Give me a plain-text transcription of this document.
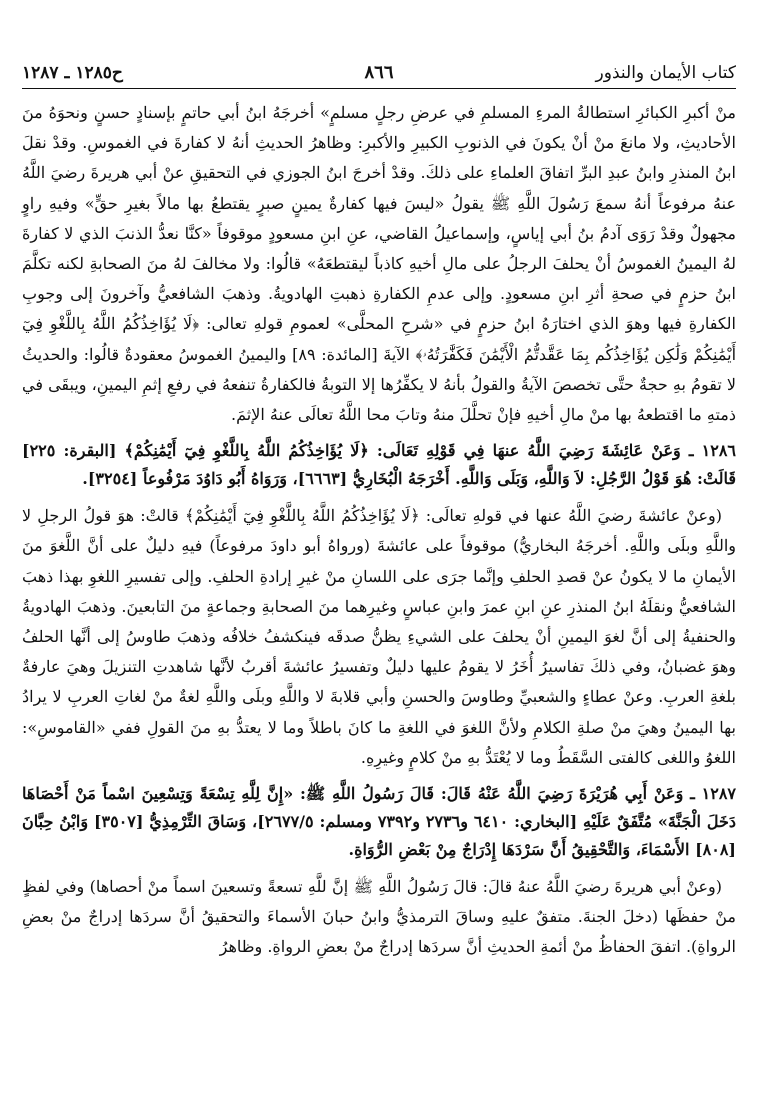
كتاب الأيمان والنذور
٨٦٦
ح١٢٨٥ ـ ١٢٨٧

منْ أكبرِ الكبائرِ استطالةُ المرءِ المسلمِ في عرضِ رجلٍ مسلمٍ» أخرجَهُ ابنُ أبي حاتمٍ بإسنادٍ حسنٍ ونحوَهُ منَ الأحاديثِ، ولا مانعَ منْ أنْ يكونَ في الذنوبِ الكبيرِ والأكبرِ: وظاهرُ الحديثِ أنهُ لا كفارةَ في الغموسِ. وقدْ نقلَ ابنُ المنذرِ وابنُ عبدِ البرِّ اتفاقَ العلماءِ على ذلكَ. وقدْ أخرجَ ابنُ الجوزي في التحقيقِ عنْ أبي هريرةَ رضيَ اللَّهُ عنهُ مرفوعاً أنهُ سمعَ رَسُولَ اللَّهِ ﷺ يقولُ «ليسَ فيها كفارةٌ يمينٍ صبرٍ يقتطعُ بها مالاً بغيرِ حقٍّ» وفيهِ راوٍ مجهولٌ وقدْ رَوَى آدمُ بنُ أبي إياسٍ، وإسماعيلُ القاضي، عنِ ابنِ مسعودٍ موقوفاً «كنَّا نعدُّ الذنبَ الذي لا كفارةَ لهُ اليمينُ الغموسُ أنْ يحلفَ الرجلُ على مالِ أخيهِ كاذباً ليقتطعَهُ» قالُوا: ولا مخالفَ لهُ منَ الصحابةِ لكنه تكلَّمَ ابنُ حزمٍ في صحةِ أثرِ ابنِ مسعودٍ. وإلى عدمِ الكفارةِ ذهبتِ الهادويةُ. وذهبَ الشافعيُّ وآخرونَ إلى وجوبِ الكفارةِ فيها وهوَ الذي اختارَهُ ابنُ حزمٍ في «شرحِ المحلَّى» لعمومِ قولهِ تعالى: ﴿لَا يُؤَاخِذُكُمُ اللَّهُ بِاللَّغْوِ فِيٓ أَيْمَٰنِكُمْ وَلَٰكِن يُؤَاخِذُكُم بِمَا عَقَّدتُّمُ الْأَيْمَٰنَ فَكَفَّٰرَتُهُۥ﴾ الآيةَ [المائدة: ٨٩] واليمينُ الغموسُ معقودةٌ قالُوا: والحديثُ لا تقومُ بهِ حجةٌ حتَّى تخصصَ الآيةُ والقولُ بأنهُ لا يكفِّرُها إلا التوبةُ فالكفارةُ تنفعهُ في رفعِ إثمِ اليمينِ، ويبقَى في ذمتهِ ما اقتطعهُ بها منْ مالِ أخيهِ فإنْ تحلَّلَ منهُ وتابَ محا اللَّهُ تعالَى عنهُ الإثمَ.

١٢٨٦ ـ وَعَنْ عَائِشَةَ رَضِيَ اللَّهُ عنهَا فِي قَوْلِهِ تَعَالَى: ﴿لَا يُؤَاخِذُكُمُ اللَّهُ بِاللَّغْوِ فِيٓ أَيْمَٰنِكُمْ﴾ [البقرة: ٢٢٥] قَالَتْ: هُوَ قَوْلُ الرَّجُلِ: لاَ وَاللَّهِ، وَبَلَى وَاللَّهِ. أَخْرَجَهُ الْبُخَارِيُّ [٦٦٦٣]، وَرَوَاهُ أَبُو دَاوُدَ مَرْفُوعاً [٣٢٥٤].

(وعنْ عائشةَ رضيَ اللَّهُ عنها في قولهِ تعالَى: ﴿لَا يُؤَاخِذُكُمُ اللَّهُ بِاللَّغْوِ فِيٓ أَيْمَٰنِكُمْ﴾ قالتْ: هوَ قولُ الرجلِ لا واللَّهِ وبلَى واللَّهِ. أخرجَهُ البخاريُّ) موقوفاً على عائشةَ (ورواهُ أبو داودَ مرفوعاً) فيهِ دليلٌ على أنَّ اللَّغوَ منَ الأيمانِ ما لا يكونُ عنْ قصدِ الحلفِ وإنَّما جرَى على اللسانِ منْ غيرِ إرادةِ الحلفِ. وإلى تفسيرِ اللغوِ بهذا ذهبَ الشافعيُّ ونقلَهُ ابنُ المنذرِ عنِ ابنِ عمرَ وابنِ عباسٍ وغيرِهما منَ الصحابةِ وجماعةٍ منَ التابعينَ. وذهبَ الهادويةُ والحنفيةُ إلى أنَّ لغوَ اليمينِ أنْ يحلفَ على الشيءِ يظنُّ صدقَه فينكشفُ خلافُه وذهبَ طاوسُ إلى أنَّها الحلفُ وهوَ غضبانُ، وفي ذلكَ تفاسيرُ أُخَرُ لا يقومُ عليها دليلٌ وتفسيرُ عائشةَ أقربُ لأنَّها شاهدتِ التنزيلَ وهيَ عارفةٌ بلغةِ العربِ. وعنْ عطاءٍ والشعبيِّ وطاوسَ والحسنِ وأبي قلابةَ لا واللَّهِ وبلَى واللَّهِ لغةٌ منْ لغاتِ العربِ لا يرادُ بها اليمينُ وهيَ منْ صلةِ الكلامِ ولأنَّ اللغوَ في اللغةِ ما كانَ باطلاً وما لا يعتدُّ بهِ منَ القولِ ففي «القاموسِ»: اللغوُ واللغى كالفتى السَّقَطُ وما لا يُعْتَدُّ بهِ منْ كلامٍ وغيرِهِ.

١٢٨٧ ـ وَعَنْ أَبِي هُرَيْرَةَ رَضِيَ اللَّهُ عَنْهُ قَالَ: قَالَ رَسُولُ اللَّهِ ﷺ: «إِنَّ لِلَّهِ تِسْعَةً وَتِسْعِينَ اسْماً مَنْ أَحْصَاهَا دَخَلَ الْجَنَّةَ» مُتَّفَقٌ عَلَيْهِ [البخاري: ٦٤١٠ و٢٧٣٦ و٧٣٩٢ ومسلم: ٢٦٧٧/٥]، وَسَاقَ التِّرْمِذِيُّ [٣٥٠٧] وَابْنُ حِبَّانَ [٨٠٨] الأَسْمَاءَ، وَالتَّحْقِيقُ أَنَّ سَرْدَهَا إِدْرَاجٌ مِنْ بَعْضِ الرُّوَاةِ.

(وعنْ أبي هريرةَ رضيَ اللَّهُ عنهُ قالَ: قالَ رَسُولُ اللَّهِ ﷺ إنَّ للَّهِ تسعةً وتسعينَ اسماً منْ أحصاها) وفي لفظٍ منْ حفظَها (دخلَ الجنةَ. متفقٌ عليهِ وساقَ الترمذيُّ وابنُ حبانَ الأسماءَ والتحقيقُ أنَّ سردَها إدراجٌ منْ بعضِ الرواةِ). اتفقَ الحفاظُ منْ أئمةِ الحديثِ أنَّ سردَها إدراجٌ منْ بعضِ الرواةِ. وظاهرُ
